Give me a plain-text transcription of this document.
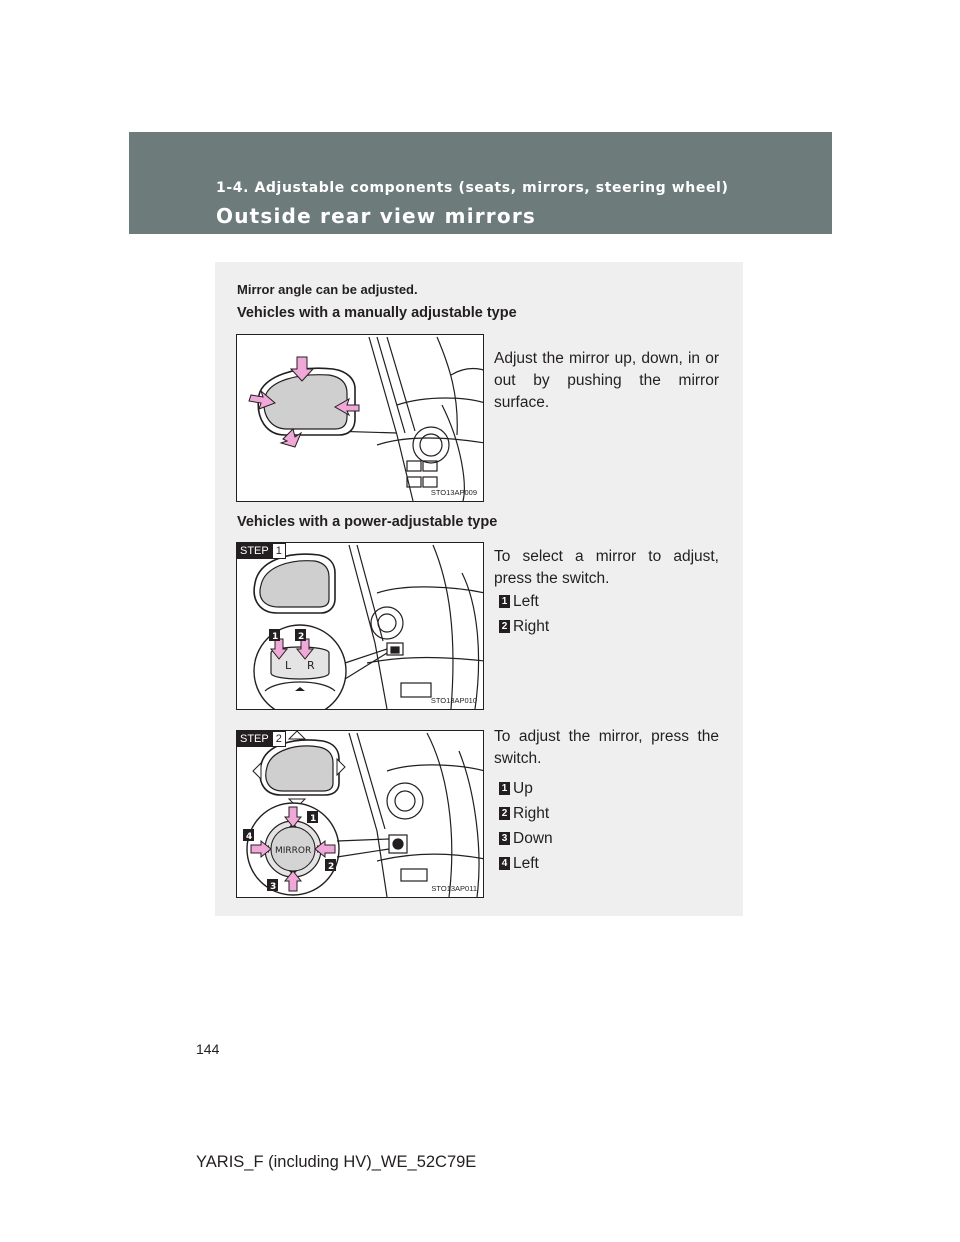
1-4. Adjustable components (seats, mirrors, steering wheel)
Outside rear view mirrors
Mirror angle can be adjusted.
Vehicles with a manually adjustable type

Adjust the mirror up, down, in or out by pushing the mirror surface.

STO13AP009
Vehicles with a power-adjustable type

To select a mirror to adjust, press the switch.

1 Left
2 Right
L R
1 2
STEP 1
STO13AP010

To adjust the mirror, press the switch.

1 Up
2 Right
3 Down
4 Left
MIRROR
1
2
3
4
STEP 2
STO13AP011
144
YARIS_F (including HV)_WE_52C79E
